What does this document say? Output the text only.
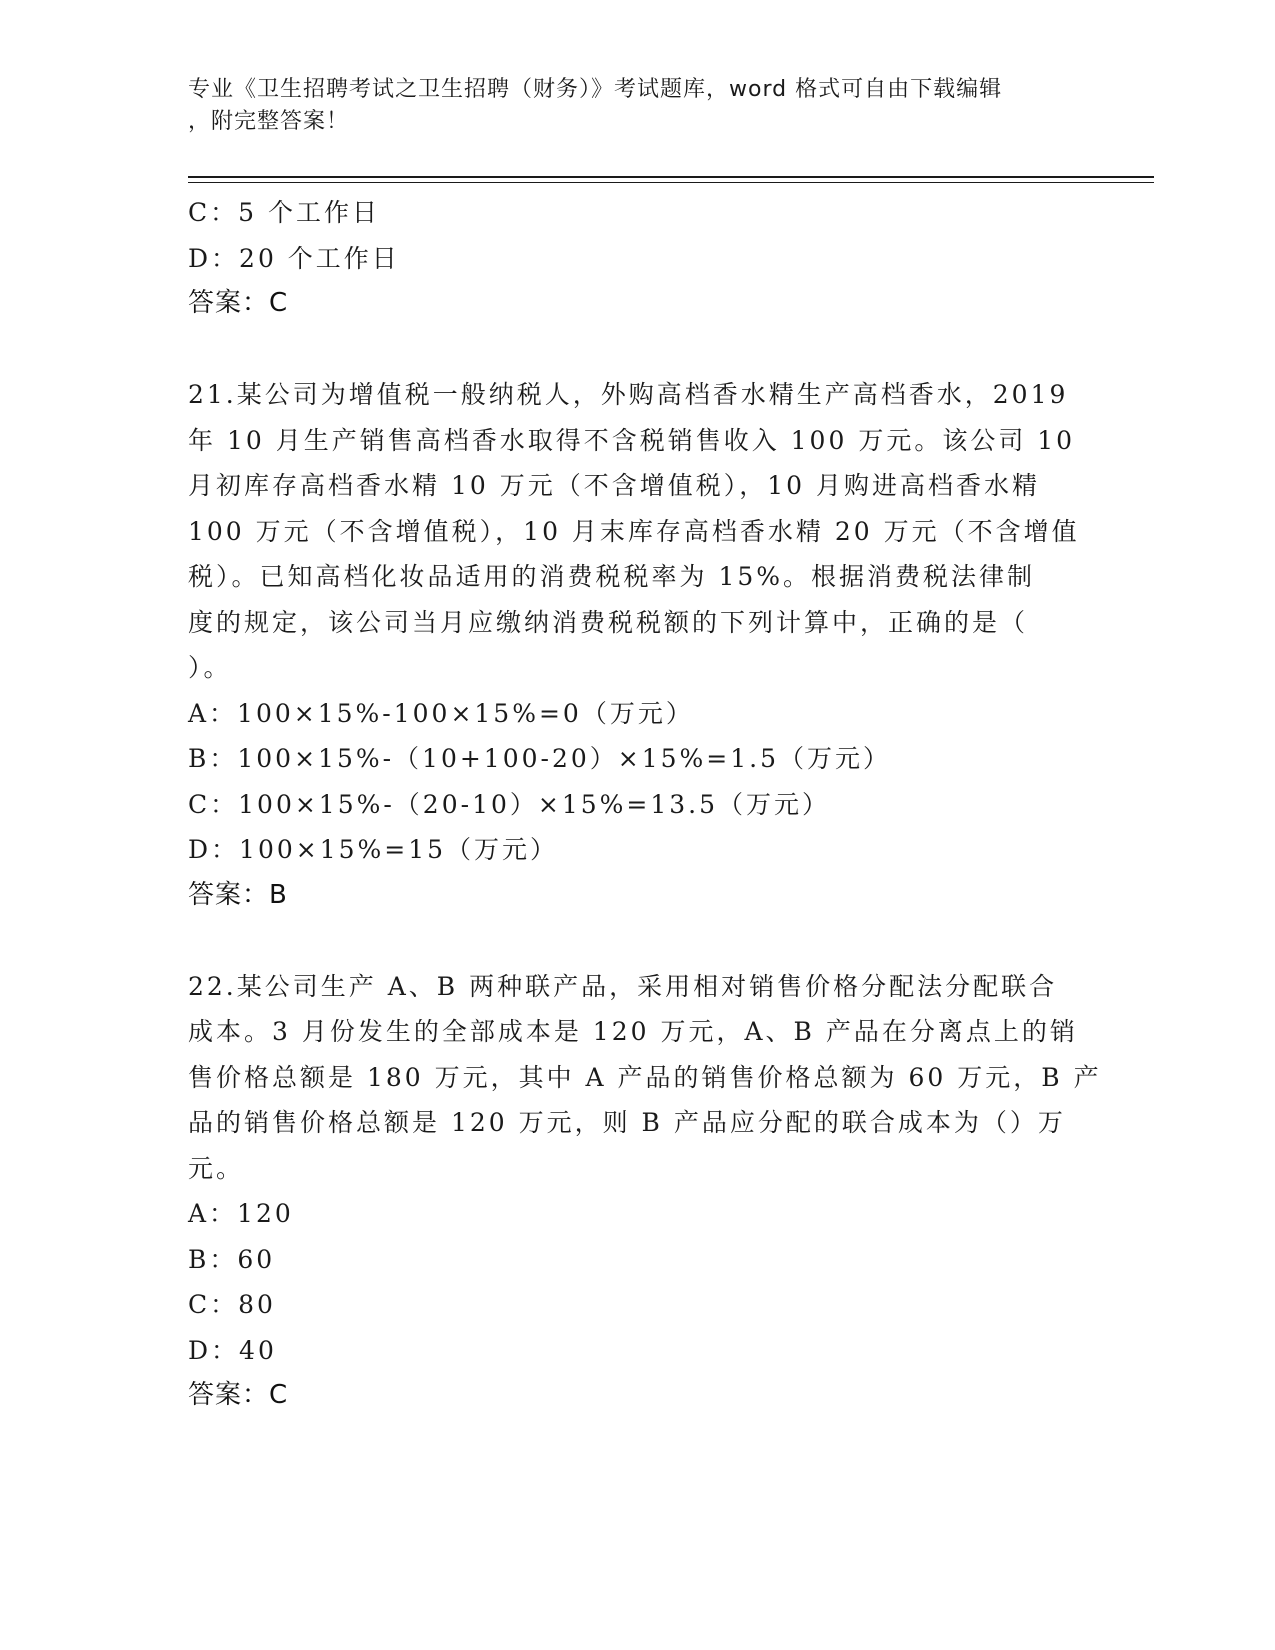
专业《卫生招聘考试之卫生招聘（财务）》考试题库，word 格式可自由下载编辑
，附完整答案！
C：5 个工作日
D：20 个工作日
答案：C
21.某公司为增值税一般纳税人，外购高档香水精生产高档香水，2019
年 10 月生产销售高档香水取得不含税销售收入 100 万元。该公司 10
月初库存高档香水精 10 万元（不含增值税），10 月购进高档香水精
100 万元（不含增值税），10 月末库存高档香水精 20 万元（不含增值
税）。已知高档化妆品适用的消费税税率为 15%。根据消费税法律制
度的规定，该公司当月应缴纳消费税税额的下列计算中，正确的是（
）。
A：100×15%-100×15%=0（万元）
B：100×15%-（10+100-20）×15%=1.5（万元）
C：100×15%-（20-10）×15%=13.5（万元）
D：100×15%=15（万元）
答案：B
22.某公司生产 A、B 两种联产品，采用相对销售价格分配法分配联合
成本。3 月份发生的全部成本是 120 万元，A、B 产品在分离点上的销
售价格总额是 180 万元，其中 A 产品的销售价格总额为 60 万元，B 产
品的销售价格总额是 120 万元，则 B 产品应分配的联合成本为（）万
元。
A：120
B：60
C：80
D：40
答案：C
